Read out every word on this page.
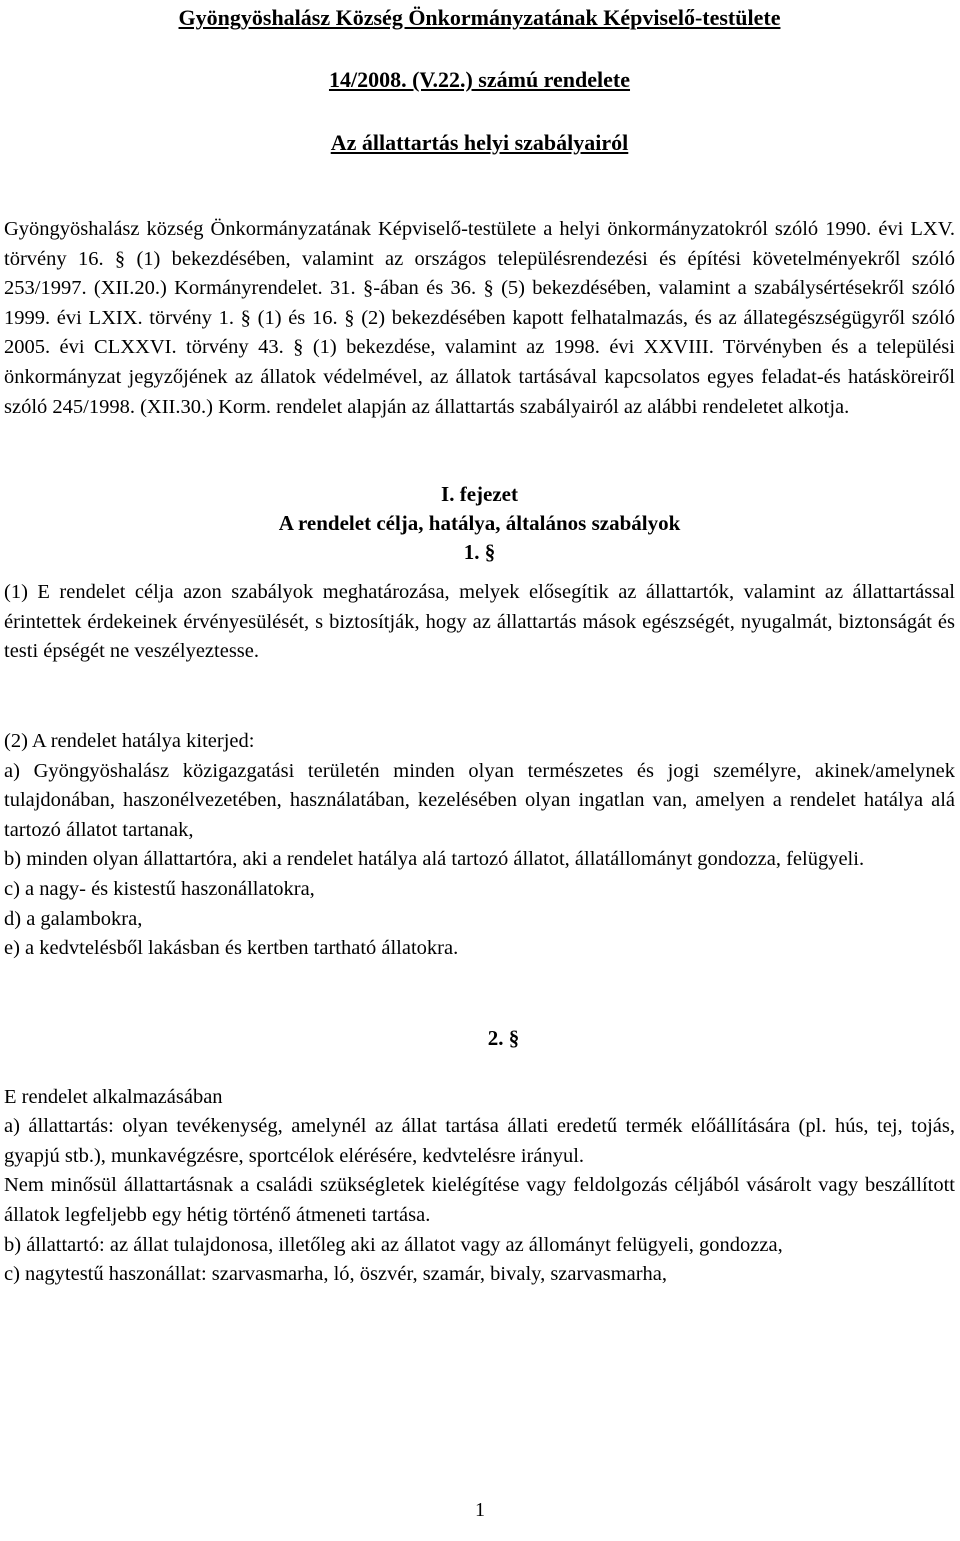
Gyöngyöshalász Község Önkormányzatának Képviselő-testülete

14/2008. (V.22.) számú rendelete

Az állattartás helyi szabályairól

Gyöngyöshalász község Önkormányzatának Képviselő-testülete a helyi önkormányzatokról szóló 1990. évi LXV. törvény 16. § (1) bekezdésében, valamint az országos településrendezési és építési követelményekről szóló 253/1997. (XII.20.) Kormányrendelet. 31. §-ában és 36. § (5) bekezdésében, valamint a szabálysértésekről szóló 1999. évi LXIX. törvény 1. § (1) és 16. § (2) bekezdésében kapott felhatalmazás, és az állategészségügyről szóló 2005. évi CLXXVI. törvény 43. § (1) bekezdése, valamint az 1998. évi XXVIII. Törvényben és a települési önkormányzat jegyzőjének az állatok védelmével, az állatok tartásával kapcsolatos egyes feladat-és hatásköreiről szóló 245/1998. (XII.30.) Korm. rendelet alapján az állattartás szabályairól az alábbi rendeletet alkotja.

I. fejezet
A rendelet célja, hatálya, általános szabályok
1. §

(1) E rendelet célja azon szabályok meghatározása, melyek elősegítik az állattartók, valamint az állattartással érintettek érdekeinek érvényesülését, s biztosítják, hogy az állattartás mások egészségét, nyugalmát, biztonságát és testi épségét ne veszélyeztesse.

(2) A rendelet hatálya kiterjed:
a) Gyöngyöshalász közigazgatási területén minden olyan természetes és jogi személyre, akinek/amelynek tulajdonában, haszonélvezetében, használatában, kezelésében olyan ingatlan van, amelyen a rendelet hatálya alá tartozó állatot tartanak,
b) minden olyan állattartóra, aki a rendelet hatálya alá tartozó állatot, állatállományt gondozza, felügyeli.
c) a nagy- és kistestű haszonállatokra,
d) a galambokra,
e) a kedvtelésből lakásban és kertben tartható állatokra.
2. §
E rendelet alkalmazásában
a) állattartás: olyan tevékenység, amelynél az állat tartása állati eredetű termék előállítására (pl. hús, tej, tojás, gyapjú stb.), munkavégzésre, sportcélok elérésére, kedvtelésre irányul.
Nem minősül állattartásnak a családi szükségletek kielégítése vagy feldolgozás céljából vásárolt vagy beszállított állatok legfeljebb egy hétig történő átmeneti tartása.
b) állattartó: az állat tulajdonosa, illetőleg aki az állatot vagy az állományt felügyeli, gondozza,
c) nagytestű haszonállat: szarvasmarha, ló, öszvér, szamár, bivaly, szarvasmarha,
1
